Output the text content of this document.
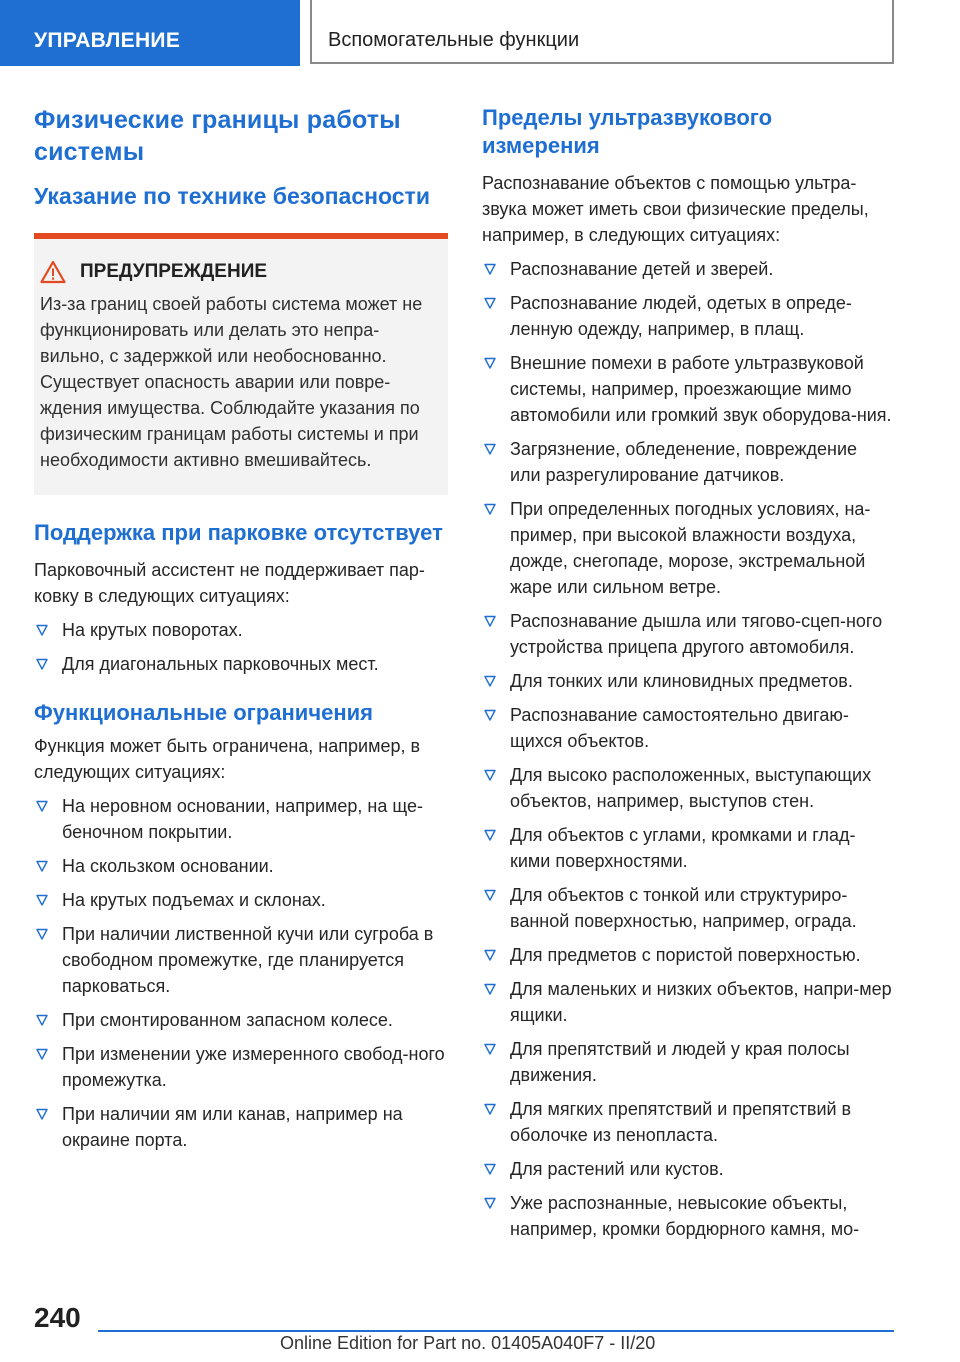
УПРАВЛЕНИЕ	Вспомогательные функции
Физические границы работы системы
Указание по технике безопасности
ПРЕДУПРЕЖДЕНИЕ
Из-за границ своей работы система может не функционировать или делать это непра-вильно, с задержкой или необоснованно. Существует опасность аварии или повре-ждения имущества. Соблюдайте указания по физическим границам работы системы и при необходимости активно вмешивайтесь.
Поддержка при парковке отсутствует

Парковочный ассистент не поддерживает пар-ковку в следующих ситуациях:

На крутых поворотах.
Для диагональных парковочных мест.
Функциональные ограничения

Функция может быть ограничена, например, в следующих ситуациях:

На неровном основании, например, на ще-беночном покрытии.
На скользком основании.
На крутых подъемах и склонах.
При наличии лиственной кучи или сугроба в свободном промежутке, где планируется парковаться.
При смонтированном запасном колесе.
При изменении уже измеренного свобод-ного промежутка.
При наличии ям или канав, например на окраине порта.
Пределы ультразвукового измерения

Распознавание объектов с помощью ультра-звука может иметь свои физические пределы, например, в следующих ситуациях:

Распознавание детей и зверей.
Распознавание людей, одетых в опреде-ленную одежду, например, в плащ.
Внешние помехи в работе ультразвуковой системы, например, проезжающие мимо автомобили или громкий звук оборудова-ния.
Загрязнение, обледенение, повреждение или разрегулирование датчиков.
При определенных погодных условиях, на-пример, при высокой влажности воздуха, дожде, снегопаде, морозе, экстремальной жаре или сильном ветре.
Распознавание дышла или тягово-сцеп-ного устройства прицепа другого автомобиля.
Для тонких или клиновидных предметов.
Распознавание самостоятельно двигаю-щихся объектов.
Для высоко расположенных, выступающих объектов, например, выступов стен.
Для объектов с углами, кромками и глад-кими поверхностями.
Для объектов с тонкой или структуриро-ванной поверхностью, например, ограда.
Для предметов с пористой поверхностью.
Для маленьких и низких объектов, напри-мер ящики.
Для препятствий и людей у края полосы движения.
Для мягких препятствий и препятствий в оболочке из пенопласта.
Для растений или кустов.
Уже распознанные, невысокие объекты, например, кромки бордюрного камня, мо-
240
Online Edition for Part no. 01405A040F7 - II/20
